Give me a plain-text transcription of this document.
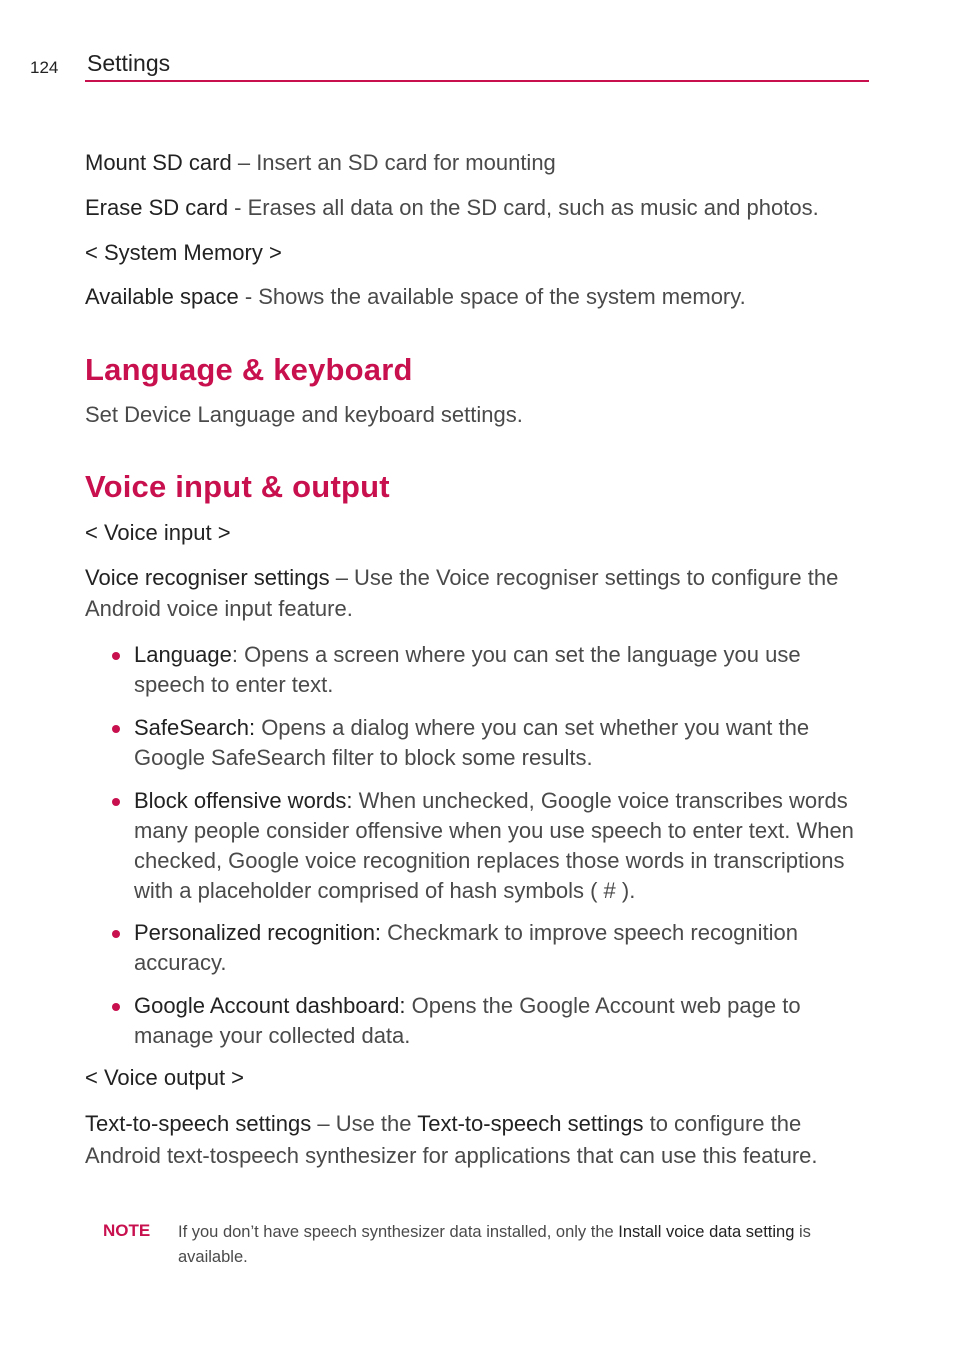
124 Settings

Mount SD card – Insert an SD card for mounting

Erase SD card - Erases all data on the SD card, such as music and photos.

< System Memory >

Available space - Shows the available space of the system memory.

Language & keyboard

Set Device Language and keyboard settings.

Voice input & output

< Voice input >

Voice recogniser settings – Use the Voice recogniser settings to configure the Android voice input feature.

Language: Opens a screen where you can set the language you use speech to enter text.
SafeSearch: Opens a dialog where you can set whether you want the Google SafeSearch filter to block some results.
Block offensive words: When unchecked, Google voice transcribes words many people consider offensive when you use speech to enter text. When checked, Google voice recognition replaces those words in transcriptions with a placeholder comprised of hash symbols ( # ).
Personalized recognition: Checkmark to improve speech recognition accuracy.
Google Account dashboard: Opens the Google Account web page to manage your collected data.

< Voice output >

Text-to-speech settings – Use the Text-to-speech settings to configure the Android text-tospeech synthesizer for applications that can use this feature.

NOTE If you don’t have speech synthesizer data installed, only the Install voice data setting is available.
